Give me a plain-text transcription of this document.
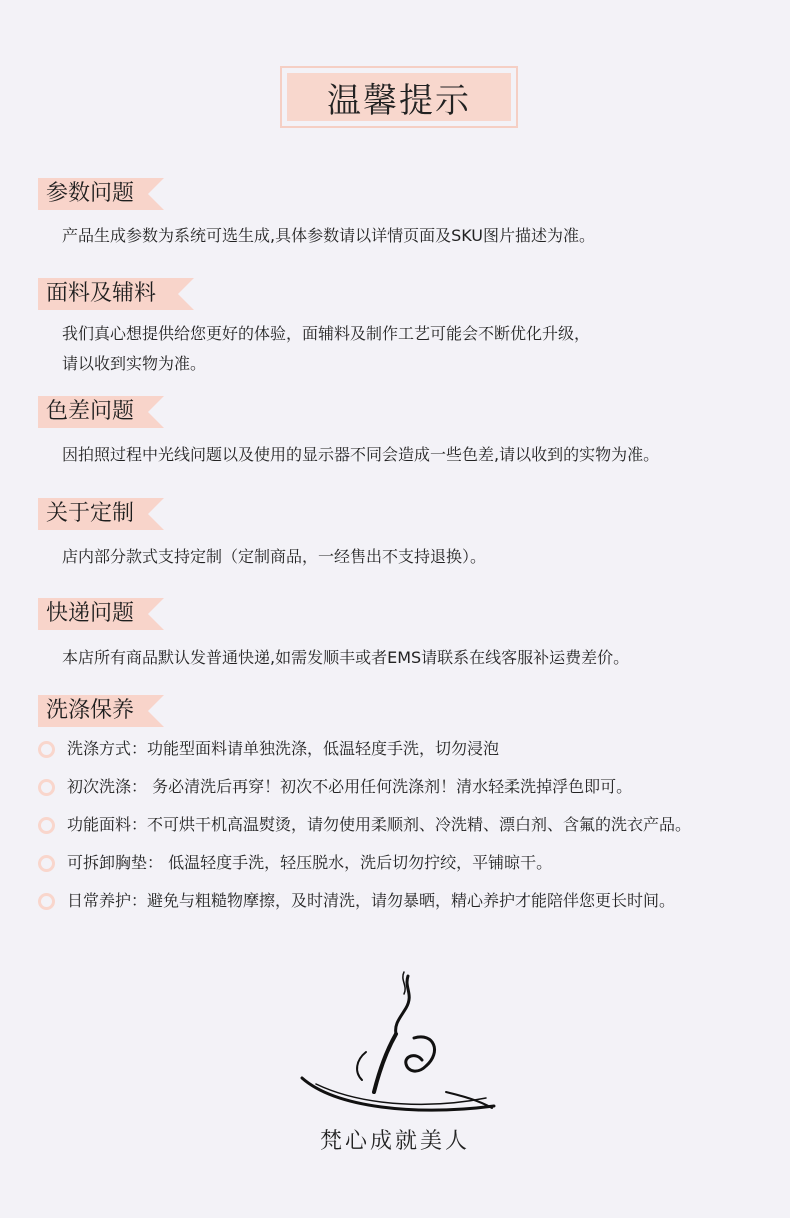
温馨提示
参数问题
产品生成参数为系统可选生成,具体参数请以详情页面及SKU图片描述为准。
面料及辅料
我们真心想提供给您更好的体验，面辅料及制作工艺可能会不断优化升级，
请以收到实物为准。
色差问题
因拍照过程中光线问题以及使用的显示器不同会造成一些色差,请以收到的实物为准。
关于定制
店内部分款式支持定制（定制商品，一经售出不支持退换）。
快递问题
本店所有商品默认发普通快递,如需发顺丰或者EMS请联系在线客服补运费差价。
洗涤保养
洗涤方式：功能型面料请单独洗涤，低温轻度手洗，切勿浸泡
初次洗涤： 务必清洗后再穿！初次不必用任何洗涤剂！清水轻柔洗掉浮色即可。
功能面料：不可烘干机高温熨烫，请勿使用柔顺剂、冷洗精、漂白剂、含氟的洗衣产品。
可拆卸胸垫： 低温轻度手洗，轻压脱水，洗后切勿拧绞，平铺晾干。
日常养护：避免与粗糙物摩擦，及时清洗，请勿暴晒，精心养护才能陪伴您更长时间。
梵心成就美人
